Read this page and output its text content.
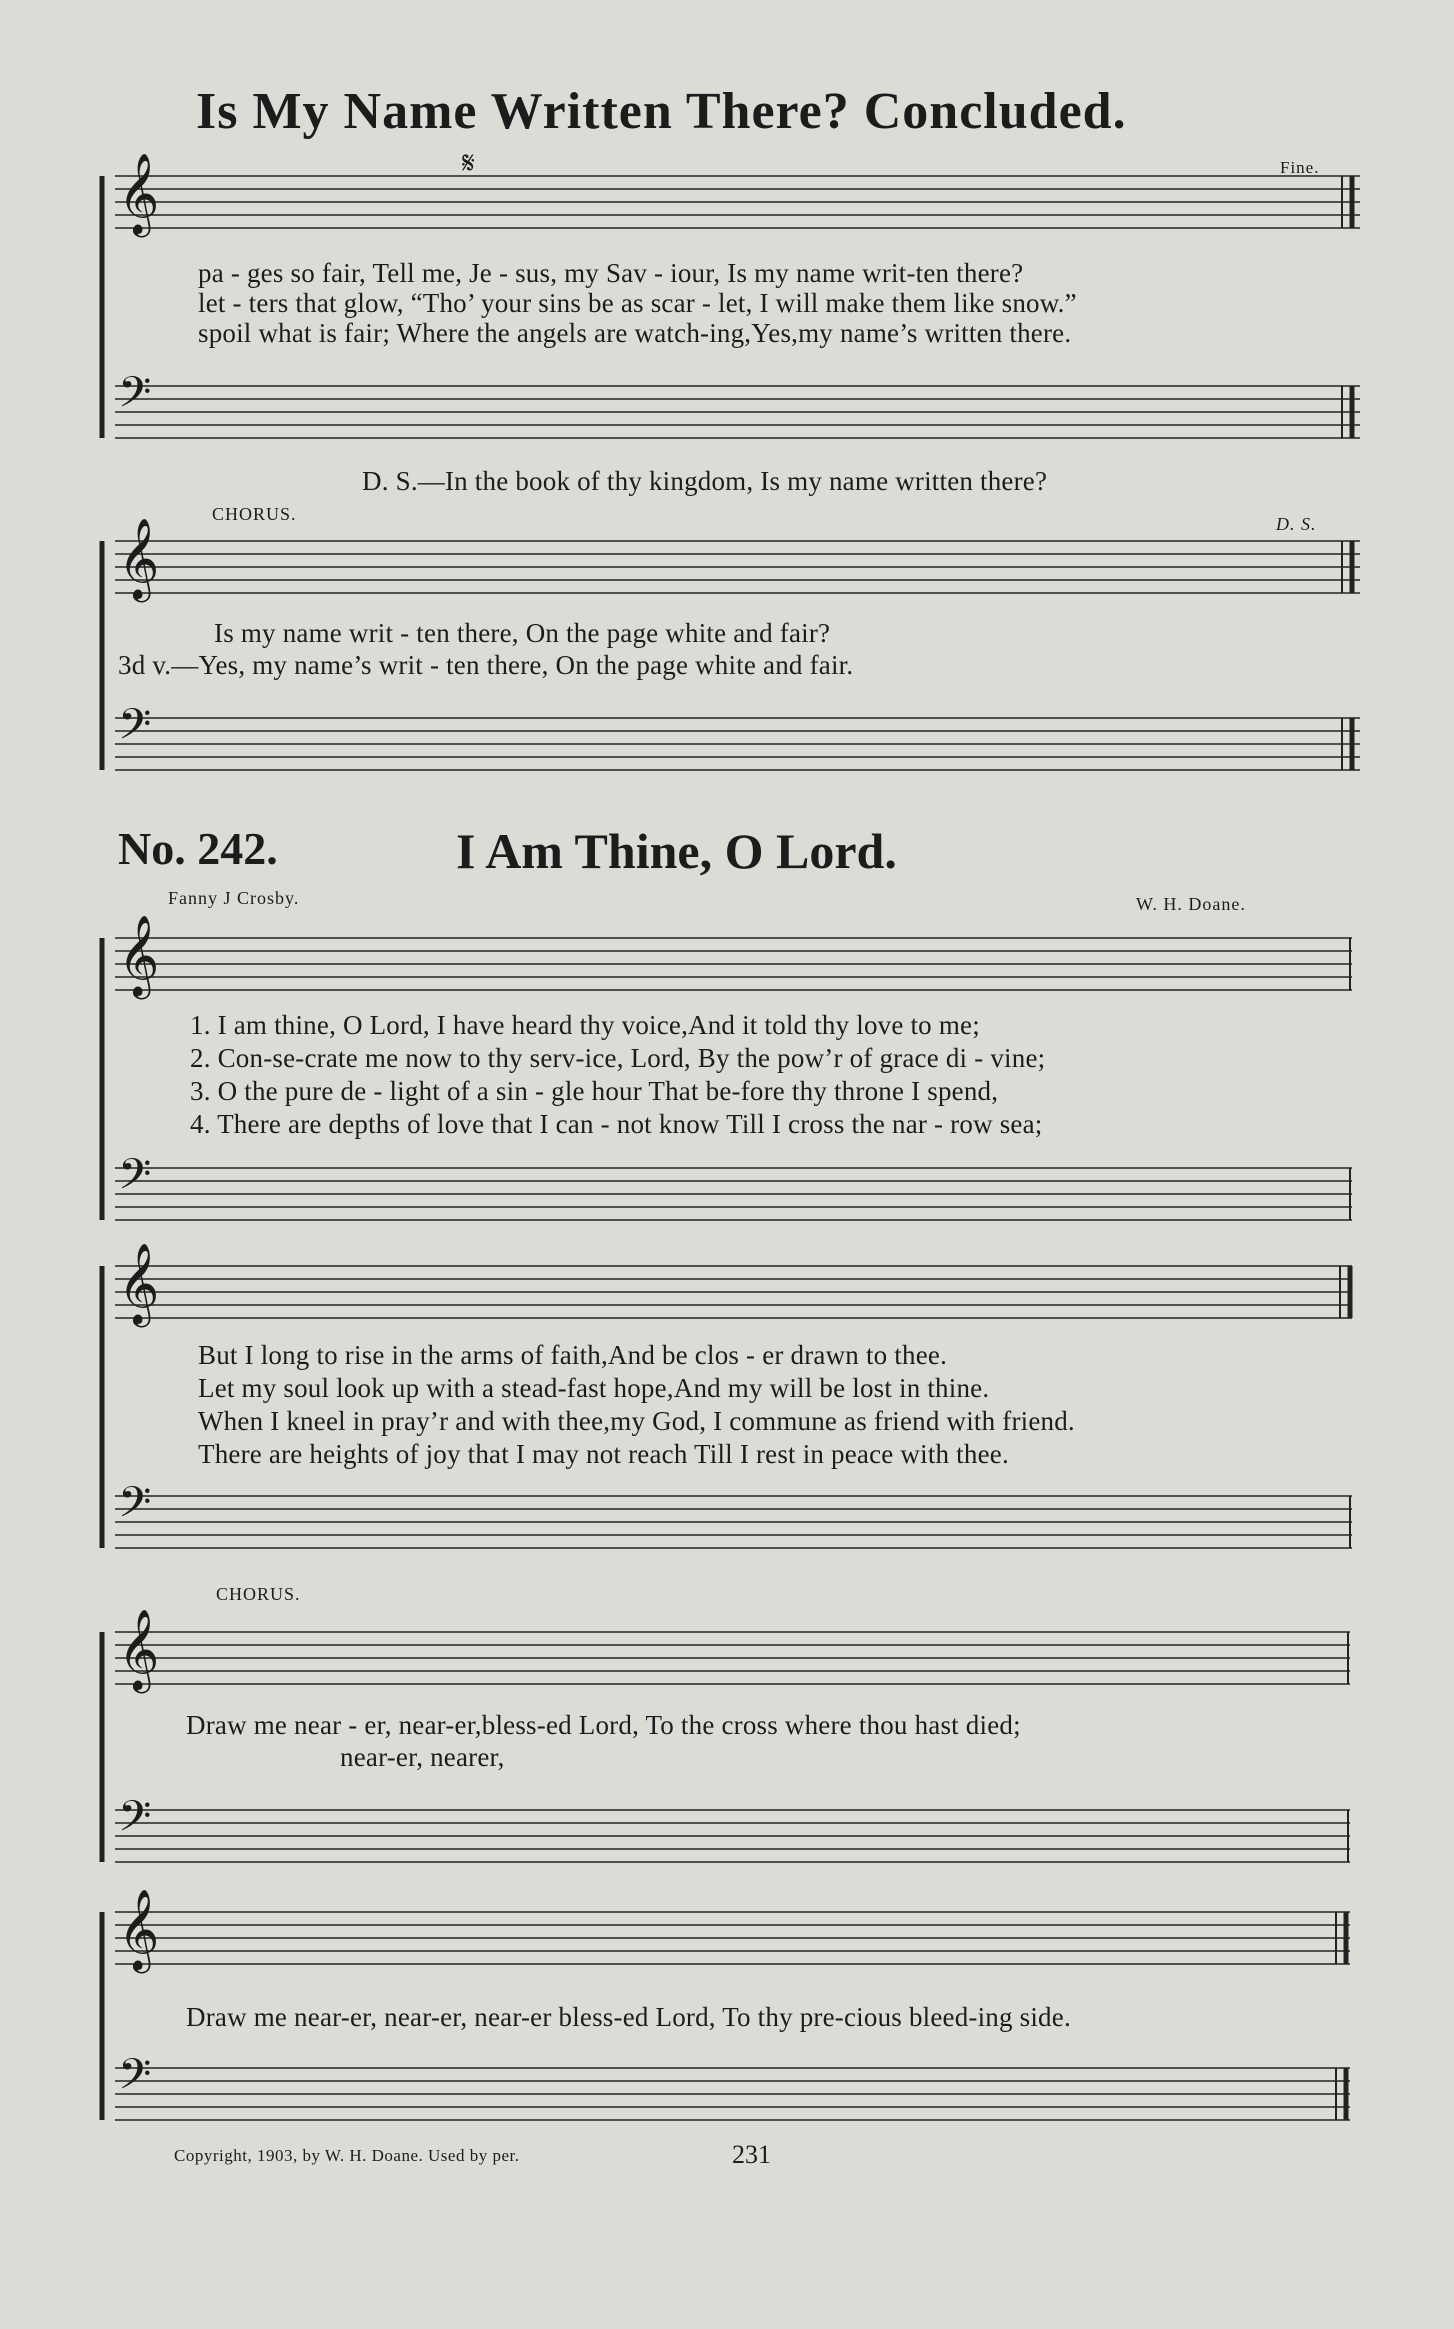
Is My Name Written There? Concluded.
𝄞
𝄢
𝄋	Fine.
pa - ges so fair, Tell me, Je - sus, my Sav - iour, Is my name writ-ten there?
let - ters that glow, “Tho’ your sins be as scar - let, I will make them like snow.”
spoil what is fair; Where the angels are watch-ing,Yes,my name’s written there.
D. S.—In the book of thy kingdom, Is my name written there?
CHORUS.	D. S.
𝄞
𝄢
Is my name writ - ten there, On the page white and fair?
3d v.—Yes, my name’s writ - ten there, On the page white and fair.
No. 242.	I Am Thine, O Lord.
Fanny J Crosby.	W. H. Doane.
𝄞
𝄢
1. I am thine, O Lord, I have heard thy voice,And it told thy love to me;
2. Con-se-crate me now to thy serv-ice, Lord, By the pow’r of grace di - vine;
3. O the pure de - light of a sin - gle hour That be-fore thy throne I spend,
4. There are depths of love that I can - not know Till I cross the nar - row sea;
𝄞
𝄢
But I long to rise in the arms of faith,And be clos - er drawn to thee.
Let my soul look up with a stead-fast hope,And my will be lost in thine.
When I kneel in pray’r and with thee,my God, I commune as friend with friend.
There are heights of joy that I may not reach Till I rest in peace with thee.
CHORUS.
𝄞
𝄢
Draw me near - er, near-er,bless-ed Lord, To the cross where thou hast died;
near-er, nearer,
𝄞
𝄢
Draw me near-er, near-er, near-er bless-ed Lord, To thy pre-cious bleed-ing side.
Copyright, 1903, by W. H. Doane. Used by per.	231
